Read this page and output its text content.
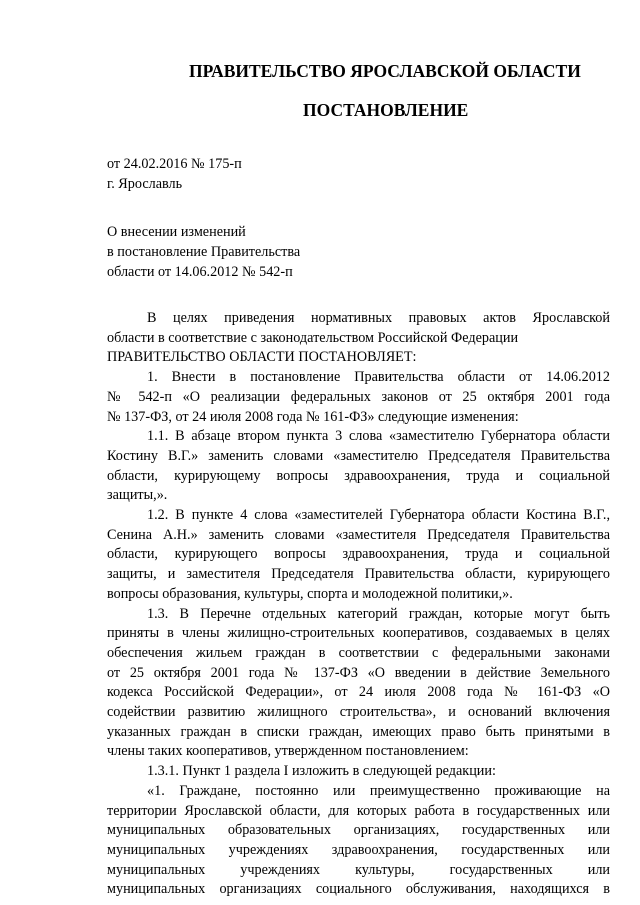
ПРАВИТЕЛЬСТВО ЯРОСЛАВСКОЙ ОБЛАСТИ
ПОСТАНОВЛЕНИЕ
от 24.02.2016 № 175-п
г. Ярославль
О внесении изменений
в постановление Правительства
области от 14.06.2012 № 542-п

В целях приведения нормативных правовых актов Ярославской
области в соответствие с законодательством Российской Федерации
ПРАВИТЕЛЬСТВО ОБЛАСТИ ПОСТАНОВЛЯЕТ:

1. Внести в постановление Правительства области от 14.06.2012
№ 542-п «О реализации федеральных законов от 25 октября 2001 года
№ 137-ФЗ, от 24 июля 2008 года № 161-ФЗ» следующие изменения:

1.1. В абзаце втором пункта 3 слова «заместителю Губернатора области
Костину В.Г.» заменить словами «заместителю Председателя Правительства
области, курирующему вопросы здравоохранения, труда и социальной
защиты,».

1.2. В пункте 4 слова «заместителей Губернатора области Костина В.Г.,
Сенина А.Н.» заменить словами «заместителя Председателя Правительства
области, курирующего вопросы здравоохранения, труда и социальной
защиты, и заместителя Председателя Правительства области, курирующего
вопросы образования, культуры, спорта и молодежной политики,».

1.3. В Перечне отдельных категорий граждан, которые могут быть
приняты в члены жилищно-строительных кооперативов, создаваемых в целях
обеспечения жильем граждан в соответствии с федеральными законами
от 25 октября 2001 года № 137-ФЗ «О введении в действие Земельного
кодекса Российской Федерации», от 24 июля 2008 года № 161-ФЗ «О
содействии развитию жилищного строительства», и оснований включения
указанных граждан в списки граждан, имеющих право быть принятыми в
члены таких кооперативов, утвержденном постановлением:

1.3.1. Пункт 1 раздела I изложить в следующей редакции:

«1. Граждане, постоянно или преимущественно проживающие на
территории Ярославской области, для которых работа в государственных или
муниципальных образовательных организациях, государственных или
муниципальных учреждениях здравоохранения, государственных или
муниципальных учреждениях культуры, государственных или
муниципальных организациях социального обслуживания, находящихся в
